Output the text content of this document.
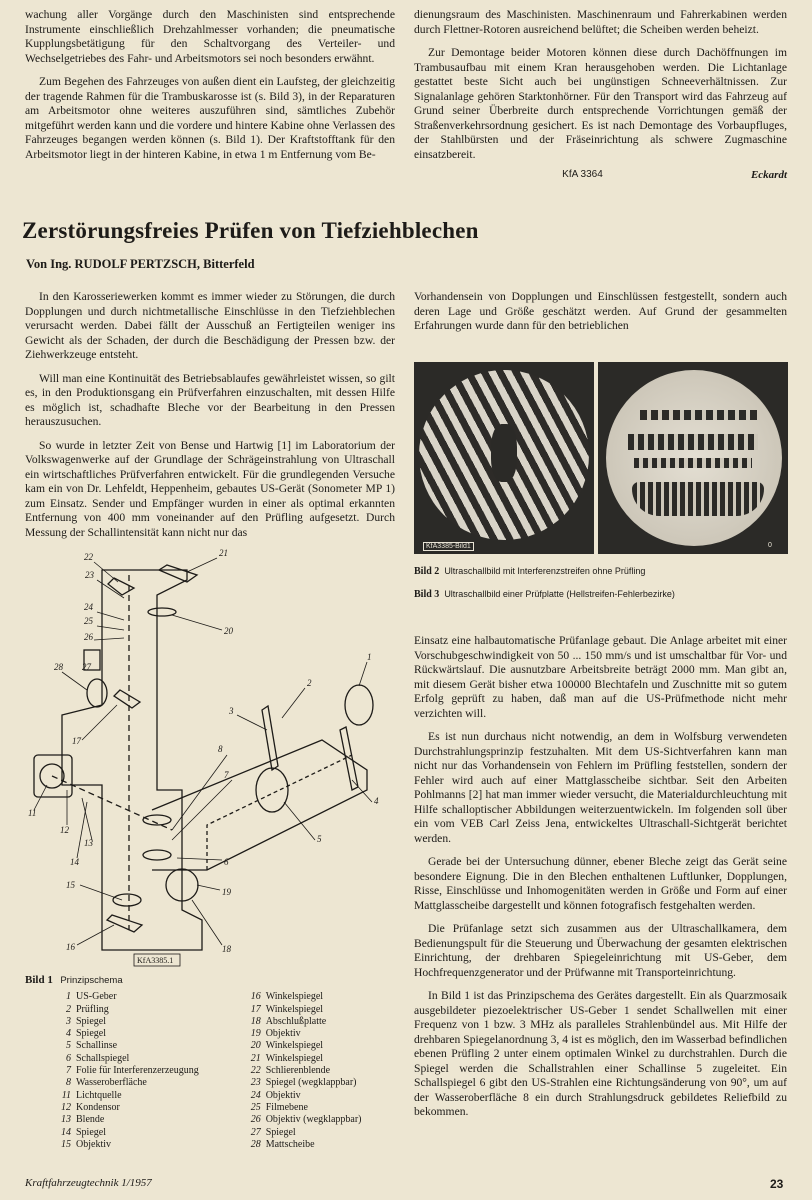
wachung aller Vorgänge durch den Maschinisten sind entsprechende Instrumente einschließlich Drehzahlmesser vorhanden; die pneumatische Kupplungsbetätigung für den Schaltvorgang des Verteiler- und Wechselgetriebes des Fahr- und Arbeitsmotors sei noch besonders erwähnt.

Zum Begehen des Fahrzeuges von außen dient ein Laufsteg, der gleichzeitig der tragende Rahmen für die Trambuskarosse ist (s. Bild 3), in der Reparaturen am Arbeitsmotor ohne weiteres auszuführen sind, sämtliches Zubehör mitgeführt werden kann und die vordere und hintere Kabine ohne Verlassen des Fahrzeuges begangen werden können (s. Bild 1). Der Kraftstofftank für den Arbeitsmotor liegt in der hinteren Kabine, in etwa 1 m Entfernung vom Be-

dienungsraum des Maschinisten. Maschinenraum und Fahrerkabinen werden durch Flettner-Rotoren ausreichend belüftet; die Scheiben werden beheizt.

Zur Demontage beider Motoren können diese durch Dachöffnungen im Trambusaufbau mit einem Kran herausgehoben werden. Die Lichtanlage gestattet beste Sicht auch bei ungünstigen Schneeverhältnissen. Zur Signalanlage gehören Starktonhörner. Für den Transport wird das Fahrzeug auf Grund seiner Überbreite durch entsprechende Vorrichtungen gemäß der Straßenverkehrsordnung gesichert. Es ist nach Demontage des Vorbaupfluges, der Stahlbürsten und der Fräseinrichtung als schwere Zugmaschine einsatzbereit.

KfA 3364	Eckardt
Zerstörungsfreies Prüfen von Tiefziehblechen
Von Ing. RUDOLF PERTZSCH, Bitterfeld

In den Karosseriewerken kommt es immer wieder zu Störungen, die durch Dopplungen und durch nichtmetallische Einschlüsse in den Tiefziehblechen verursacht werden. Dabei fällt der Ausschuß an Fertigteilen weniger ins Gewicht als der Schaden, der durch die Beschädigung der Pressen bzw. der Ziehwerkzeuge entsteht.

Will man eine Kontinuität des Betriebsablaufes gewährleistet wissen, so gilt es, in den Produktionsgang ein Prüfverfahren einzuschalten, mit dessen Hilfe es möglich ist, schadhafte Bleche vor der Bearbeitung in den Pressen herauszusuchen.

So wurde in letzter Zeit von Bense und Hartwig [1] im Laboratorium der Volkswagenwerke auf der Grundlage der Schrägeinstrahlung von Ultraschall ein wirtschaftliches Prüfverfahren entwickelt. Für die grundlegenden Versuche kam ein von Dr. Lehfeldt, Heppenheim, gebautes US-Gerät (Sonometer MP 1) zum Einsatz. Sender und Empfänger wurden in einer als optimal erkannten Entfernung von 400 mm voneinander auf den Prüfling aufgesetzt. Durch Messung der Schallintensität kann nicht nur das

Vorhandensein von Dopplungen und Einschlüssen festgestellt, sondern auch deren Lage und Größe geschätzt werden. Auf Grund der gesammelten Erfahrungen wurde dann für den betrieblichen

KfA3385-Bild1	0
Bild 2 Ultraschallbild mit Interferenzstreifen ohne Prüfling
Bild 3 Ultraschallbild einer Prüfplatte (Hellstreifen-Fehlerbezirke)

Einsatz eine halbautomatische Prüfanlage gebaut. Die Anlage arbeitet mit einer Vorschubgeschwindigkeit von 50 ... 150 mm/s und ist umschaltbar für Vor- und Rückwärtslauf. Die ausnutzbare Arbeitsbreite beträgt 2000 mm. Man gibt an, mit diesem Gerät bisher etwa 100000 Blechtafeln und Zuschnitte mit so gutem Erfolg geprüft zu haben, daß man auf die US-Prüfmethode nicht mehr verzichten will.

Es ist nun durchaus nicht notwendig, an dem in Wolfsburg verwendeten Durchstrahlungsprinzip festzuhalten. Mit dem US-Sichtverfahren kann man nicht nur das Vorhandensein von Fehlern im Prüfling feststellen, sondern der Fehler wird auch auf einer Mattglasscheibe sichtbar. Seit den Arbeiten Pohlmanns [2] hat man immer wieder versucht, die Materialdurchleuchtung mit Hilfe schalloptischer Abbildungen weiterzuentwickeln. Im folgenden soll über ein vom VEB Carl Zeiss Jena, entwickeltes Ultraschall-Sichtgerät berichtet werden.

Gerade bei der Untersuchung dünner, ebener Bleche zeigt das Gerät seine besondere Eignung. Die in den Blechen enthaltenen Luftlunker, Dopplungen, Risse, Einschlüsse und Inhomogenitäten werden in Größe und Form auf einer Mattglasscheibe dargestellt und können fotografisch festgehalten werden.

Die Prüfanlage setzt sich zusammen aus der Ultraschallkamera, dem Bedienungspult für die Steuerung und Überwachung der gesamten elektrischen Einrichtung, der drehbaren Spiegeleinrichtung mit US-Geber, dem Hochfrequenzgenerator und der Prüfwanne mit Transporteinrichtung.

In Bild 1 ist das Prinzipschema des Gerätes dargestellt. Ein als Quarzmosaik ausgebildeter piezoelektrischer US-Geber 1 sendet Schallwellen mit einer Frequenz von 1 bzw. 3 MHz als paralleles Strahlenbündel aus. Mit Hilfe der drehbaren Spiegelanordnung 3, 4 ist es möglich, den im Wasserbad befindlichen ebenen Prüfling 2 unter einem optimalen Winkel zu durchstrahlen. Durch die Spiegel werden die Schallstrahlen einer Schallinse 5 zugeleitet. Ein Schallspiegel 6 gibt den US-Strahlen eine Richtungsänderung von 90°, um auf der Wasseroberfläche 8 ein durch Strahlungsdruck gebildetes Reliefbild zu bekommen.

21
22
23
24
25
26
27
20
1
2
3
4
5
8
7
6
19
18
16
15
11
12
13
14
28
17
KfA3385.1
Bild 1 Prinzipschema
1 US-Geber
2 Prüfling
3 Spiegel
4 Spiegel
5 Schallinse
6 Schallspiegel
7 Folie für Interferenzerzeugung
8 Wasseroberfläche
11 Lichtquelle
12 Kondensor
13 Blende
14 Spiegel
15 Objektiv
16 Winkelspiegel
17 Winkelspiegel
18 Abschlußplatte
19 Objektiv
20 Winkelspiegel
21 Winkelspiegel
22 Schlierenblende
23 Spiegel (wegklappbar)
24 Objektiv
25 Filmebene
26 Objektiv (wegklappbar)
27 Spiegel
28 Mattscheibe
Kraftfahrzeugtechnik 1/1957	23
